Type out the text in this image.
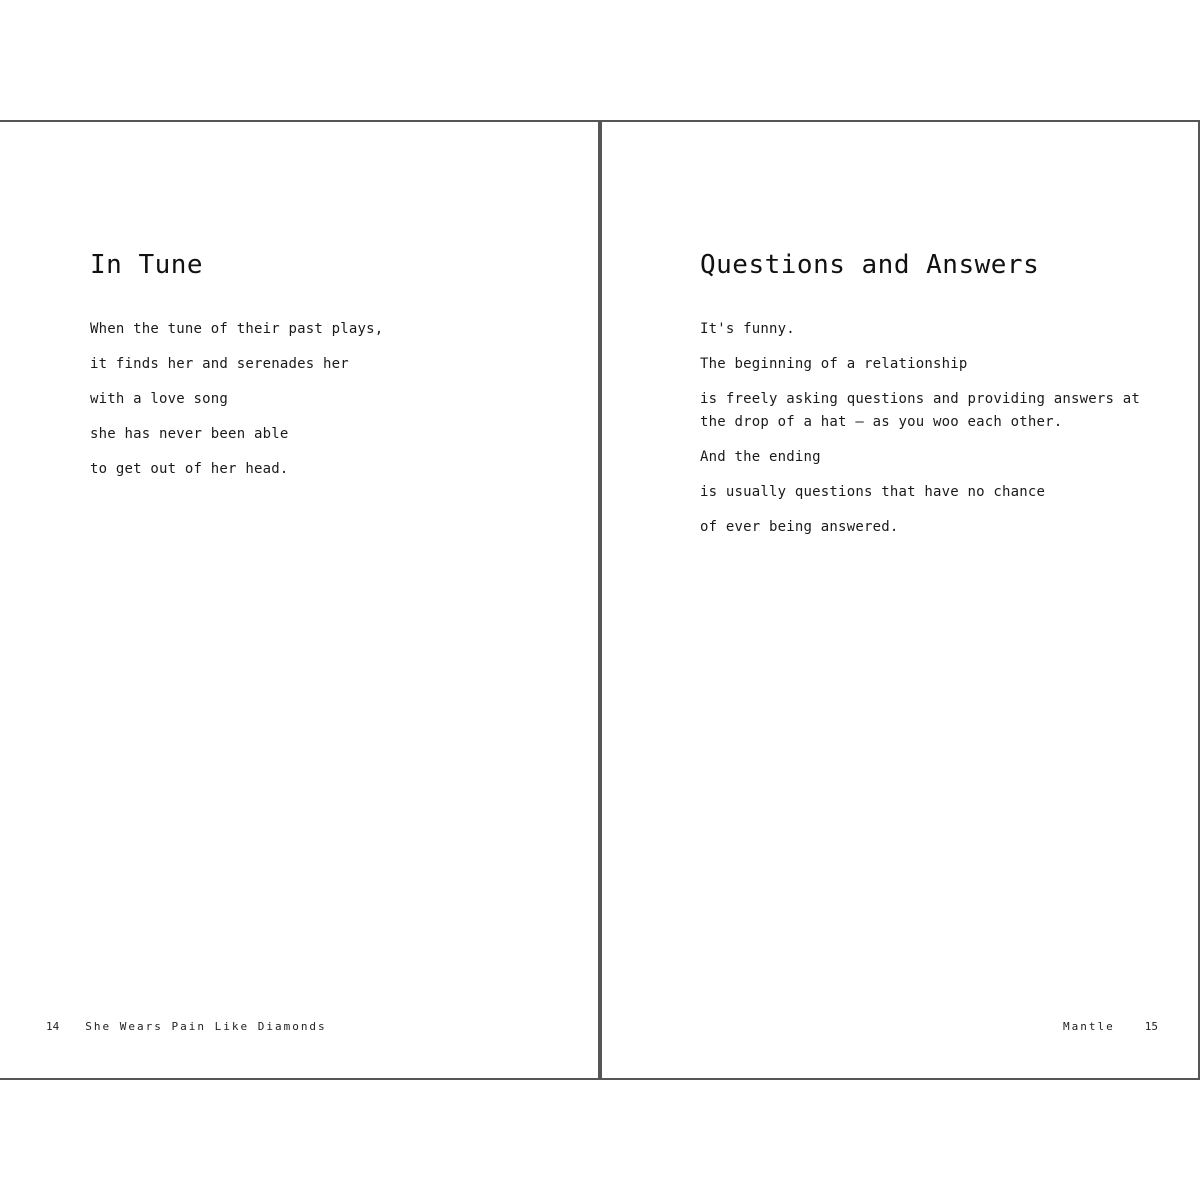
In Tune

When the tune of their past plays,

it finds her and serenades her

with a love song

she has never been able

to get out of her head.

14 She Wears Pain Like Diamonds
Questions and Answers

It's funny.

The beginning of a relationship

is freely asking questions and providing answers at the drop of a hat — as you woo each other.

And the ending

is usually questions that have no chance

of ever being answered.

Mantle	15
